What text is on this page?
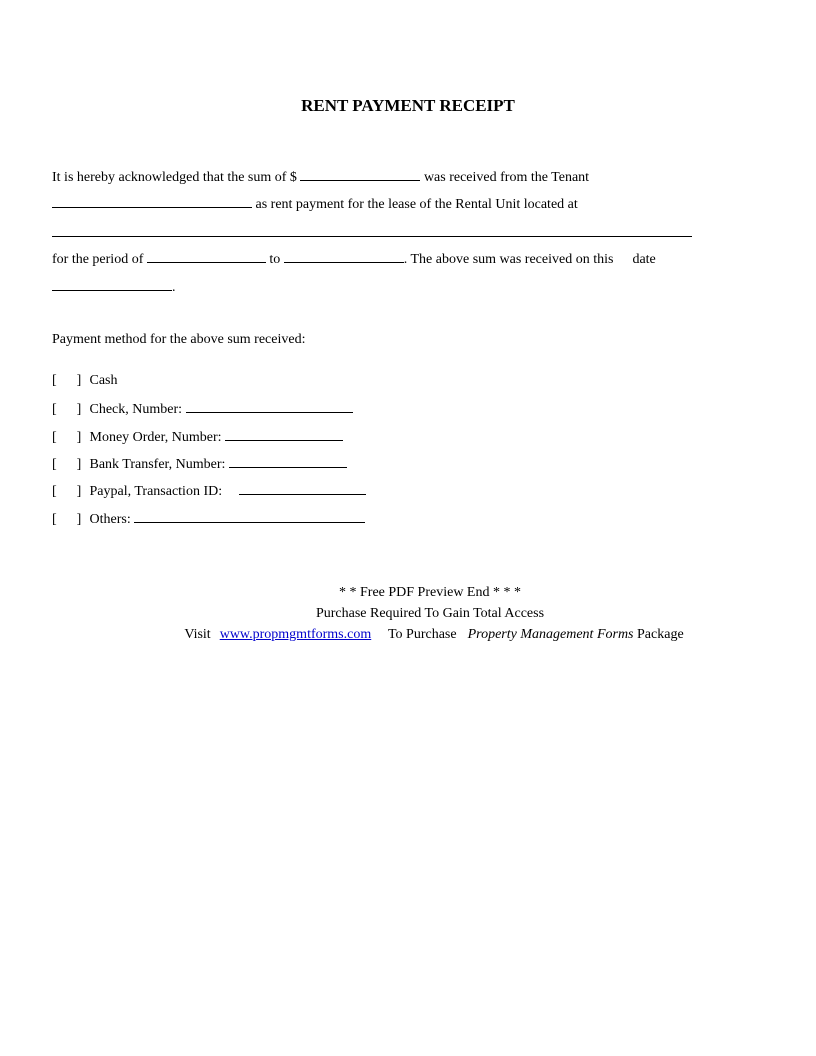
RENT PAYMENT RECEIPT
It is hereby acknowledged that the sum of $	was received from the Tenant
as rent payment for the lease of the Rental Unit located at
for the period of	to	. The above sum was received on this date
.
Payment method for the above sum received:
[ ] Cash
[ ] Check, Number:
[ ] Money Order, Number:
[ ] Bank Transfer, Number:
[ ] Paypal, Transaction ID:
[ ] Others:
* * Free PDF Preview End * * *
Purchase Required To Gain Total Access
Visit www.propmgmtforms.com To Purchase Property Management Forms Package
